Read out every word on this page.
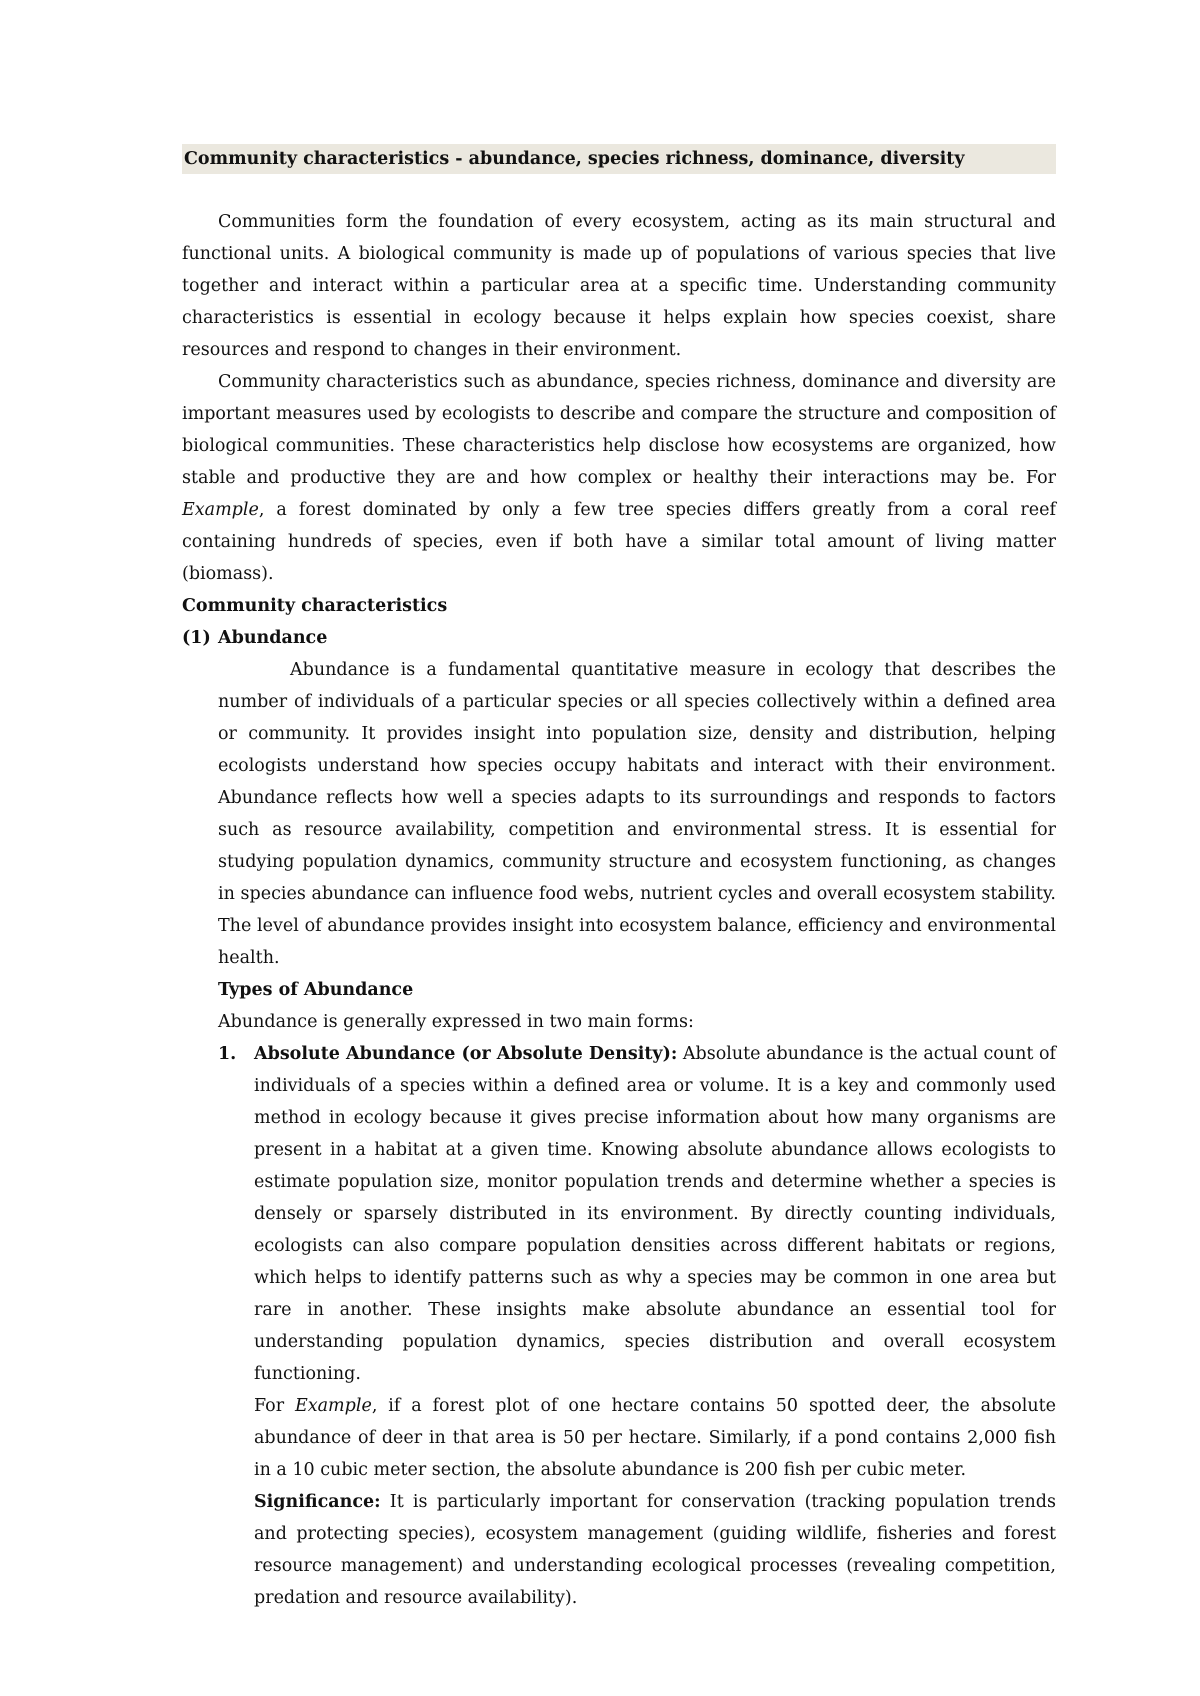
Community characteristics - abundance, species richness, dominance, diversity

Communities form the foundation of every ecosystem, acting as its main structural and functional units. A biological community is made up of populations of various species that live together and interact within a particular area at a specific time. Understanding community characteristics is essential in ecology because it helps explain how species coexist, share resources and respond to changes in their environment.

Community characteristics such as abundance, species richness, dominance and diversity are important measures used by ecologists to describe and compare the structure and composition of biological communities. These characteristics help disclose how ecosystems are organized, how stable and productive they are and how complex or healthy their interactions may be. For Example, a forest dominated by only a few tree species differs greatly from a coral reef containing hundreds of species, even if both have a similar total amount of living matter (biomass).

Community characteristics

(1) Abundance

Abundance is a fundamental quantitative measure in ecology that describes the number of individuals of a particular species or all species collectively within a defined area or community. It provides insight into population size, density and distribution, helping ecologists understand how species occupy habitats and interact with their environment. Abundance reflects how well a species adapts to its surroundings and responds to factors such as resource availability, competition and environmental stress. It is essential for studying population dynamics, community structure and ecosystem functioning, as changes in species abundance can influence food webs, nutrient cycles and overall ecosystem stability. The level of abundance provides insight into ecosystem balance, efficiency and environmental health.

Types of Abundance

Abundance is generally expressed in two main forms:

1. Absolute Abundance (or Absolute Density): Absolute abundance is the actual count of individuals of a species within a defined area or volume. It is a key and commonly used method in ecology because it gives precise information about how many organisms are present in a habitat at a given time. Knowing absolute abundance allows ecologists to estimate population size, monitor population trends and determine whether a species is densely or sparsely distributed in its environment. By directly counting individuals, ecologists can also compare population densities across different habitats or regions, which helps to identify patterns such as why a species may be common in one area but rare in another. These insights make absolute abundance an essential tool for understanding population dynamics, species distribution and overall ecosystem functioning.

For Example, if a forest plot of one hectare contains 50 spotted deer, the absolute abundance of deer in that area is 50 per hectare. Similarly, if a pond contains 2,000 fish in a 10 cubic meter section, the absolute abundance is 200 fish per cubic meter.

Significance: It is particularly important for conservation (tracking population trends and protecting species), ecosystem management (guiding wildlife, fisheries and forest resource management) and understanding ecological processes (revealing competition, predation and resource availability).
